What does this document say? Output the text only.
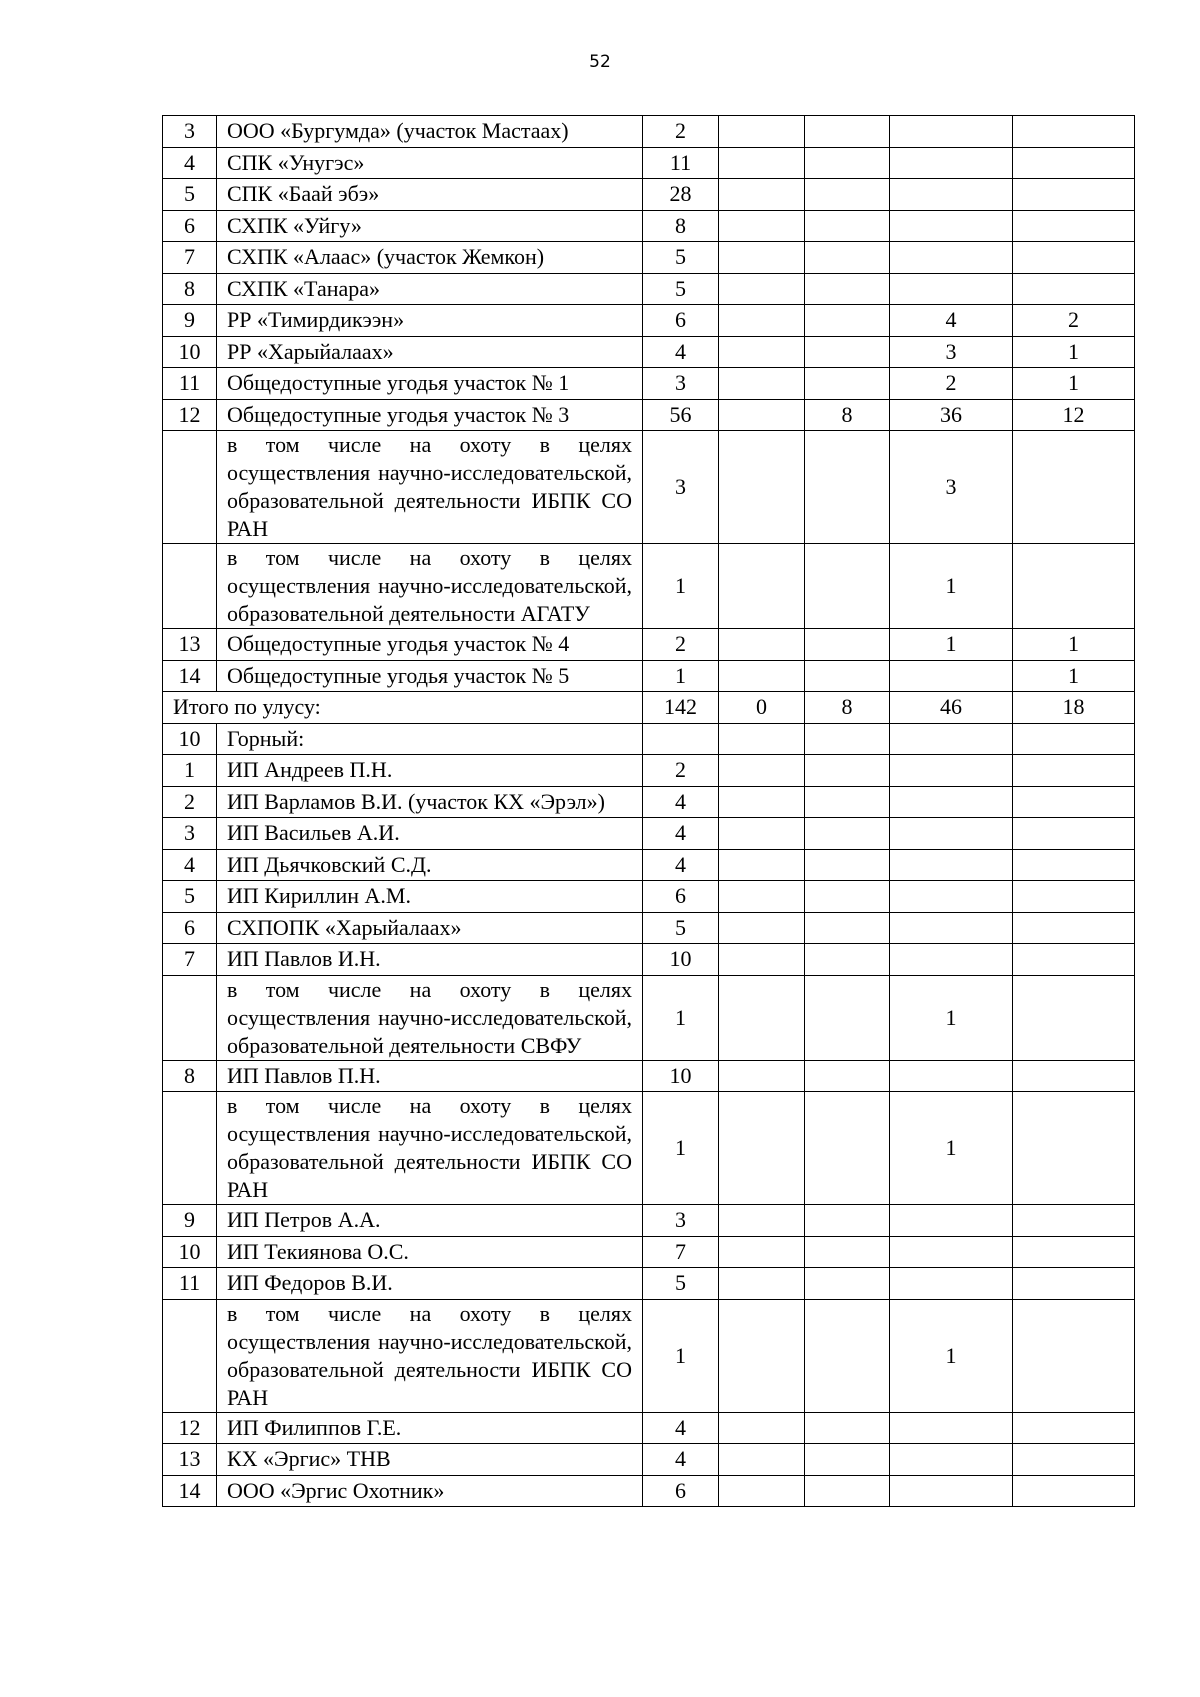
52
3	ООО «Бургумда» (участок Мастаах)	2				
4	СПК «Унугэс»	11				
5	СПК «Баай эбэ»	28				
6	СХПК «Уйгу»	8				
7	СХПК «Алаас» (участок Жемкон)	5				
8	СХПК «Танара»	5				
9	РР «Тимирдикээн»	6			4	2
10	РР «Харыйалаах»	4			3	1
11	Общедоступные угодья участок № 1	3			2	1
12	Общедоступные угодья участок № 3	56		8	36	12
	в том числе на охоту в целях осуществления научно-исследовательской, образовательной деятельности ИБПК СО РАН	3			3	
	в том числе на охоту в целях осуществления научно-исследовательской, образовательной деятельности АГАТУ	1			1	
13	Общедоступные угодья участок № 4	2			1	1
14	Общедоступные угодья участок № 5	1				1
Итого по улусу:		142	0	8	46	18
10	Горный:					
1	ИП Андреев П.Н.	2				
2	ИП Варламов В.И. (участок КХ «Эрэл»)	4				
3	ИП Васильев А.И.	4				
4	ИП Дьячковский С.Д.	4				
5	ИП Кириллин А.М.	6				
6	СХПОПК «Харыйалаах»	5				
7	ИП Павлов И.Н.	10				
	в том числе на охоту в целях осуществления научно-исследовательской, образовательной деятельности СВФУ	1			1	
8	ИП Павлов П.Н.	10				
	в том числе на охоту в целях осуществления научно-исследовательской, образовательной деятельности ИБПК СО РАН	1			1	
9	ИП Петров А.А.	3				
10	ИП Текиянова О.С.	7				
11	ИП Федоров В.И.	5				
	в том числе на охоту в целях осуществления научно-исследовательской, образовательной деятельности ИБПК СО РАН	1			1	
12	ИП Филиппов Г.Е.	4				
13	КХ «Эргис» ТНВ	4				
14	ООО «Эргис Охотник»	6				
